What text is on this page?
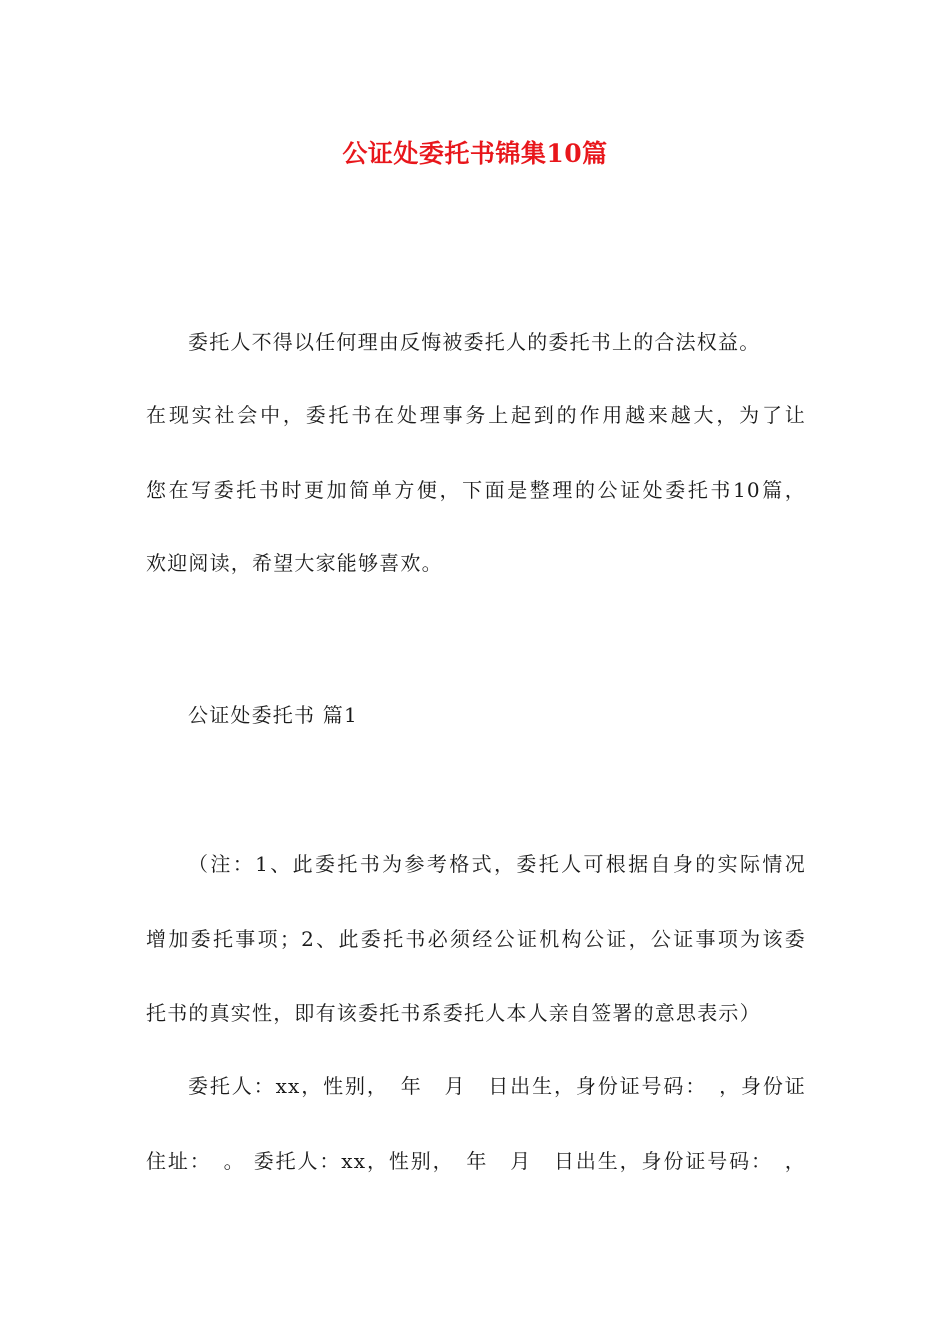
公证处委托书锦集10篇
委托人不得以任何理由反悔被委托人的委托书上的合法权益。
在现实社会中，委托书在处理事务上起到的作用越来越大，为了让
您在写委托书时更加简单方便，下面是整理的公证处委托书10篇，
欢迎阅读，希望大家能够喜欢。
公证处委托书 篇1
（注：1、此委托书为参考格式，委托人可根据自身的实际情况
增加委托事项；2、此委托书必须经公证机构公证，公证事项为该委
托书的真实性，即有该委托书系委托人本人亲自签署的意思表示）
委托人：xx，性别，　年　月　日出生，身份证号码：　，身份证
住址：　。 委托人：xx，性别，　年　月　日出生，身份证号码：　，
